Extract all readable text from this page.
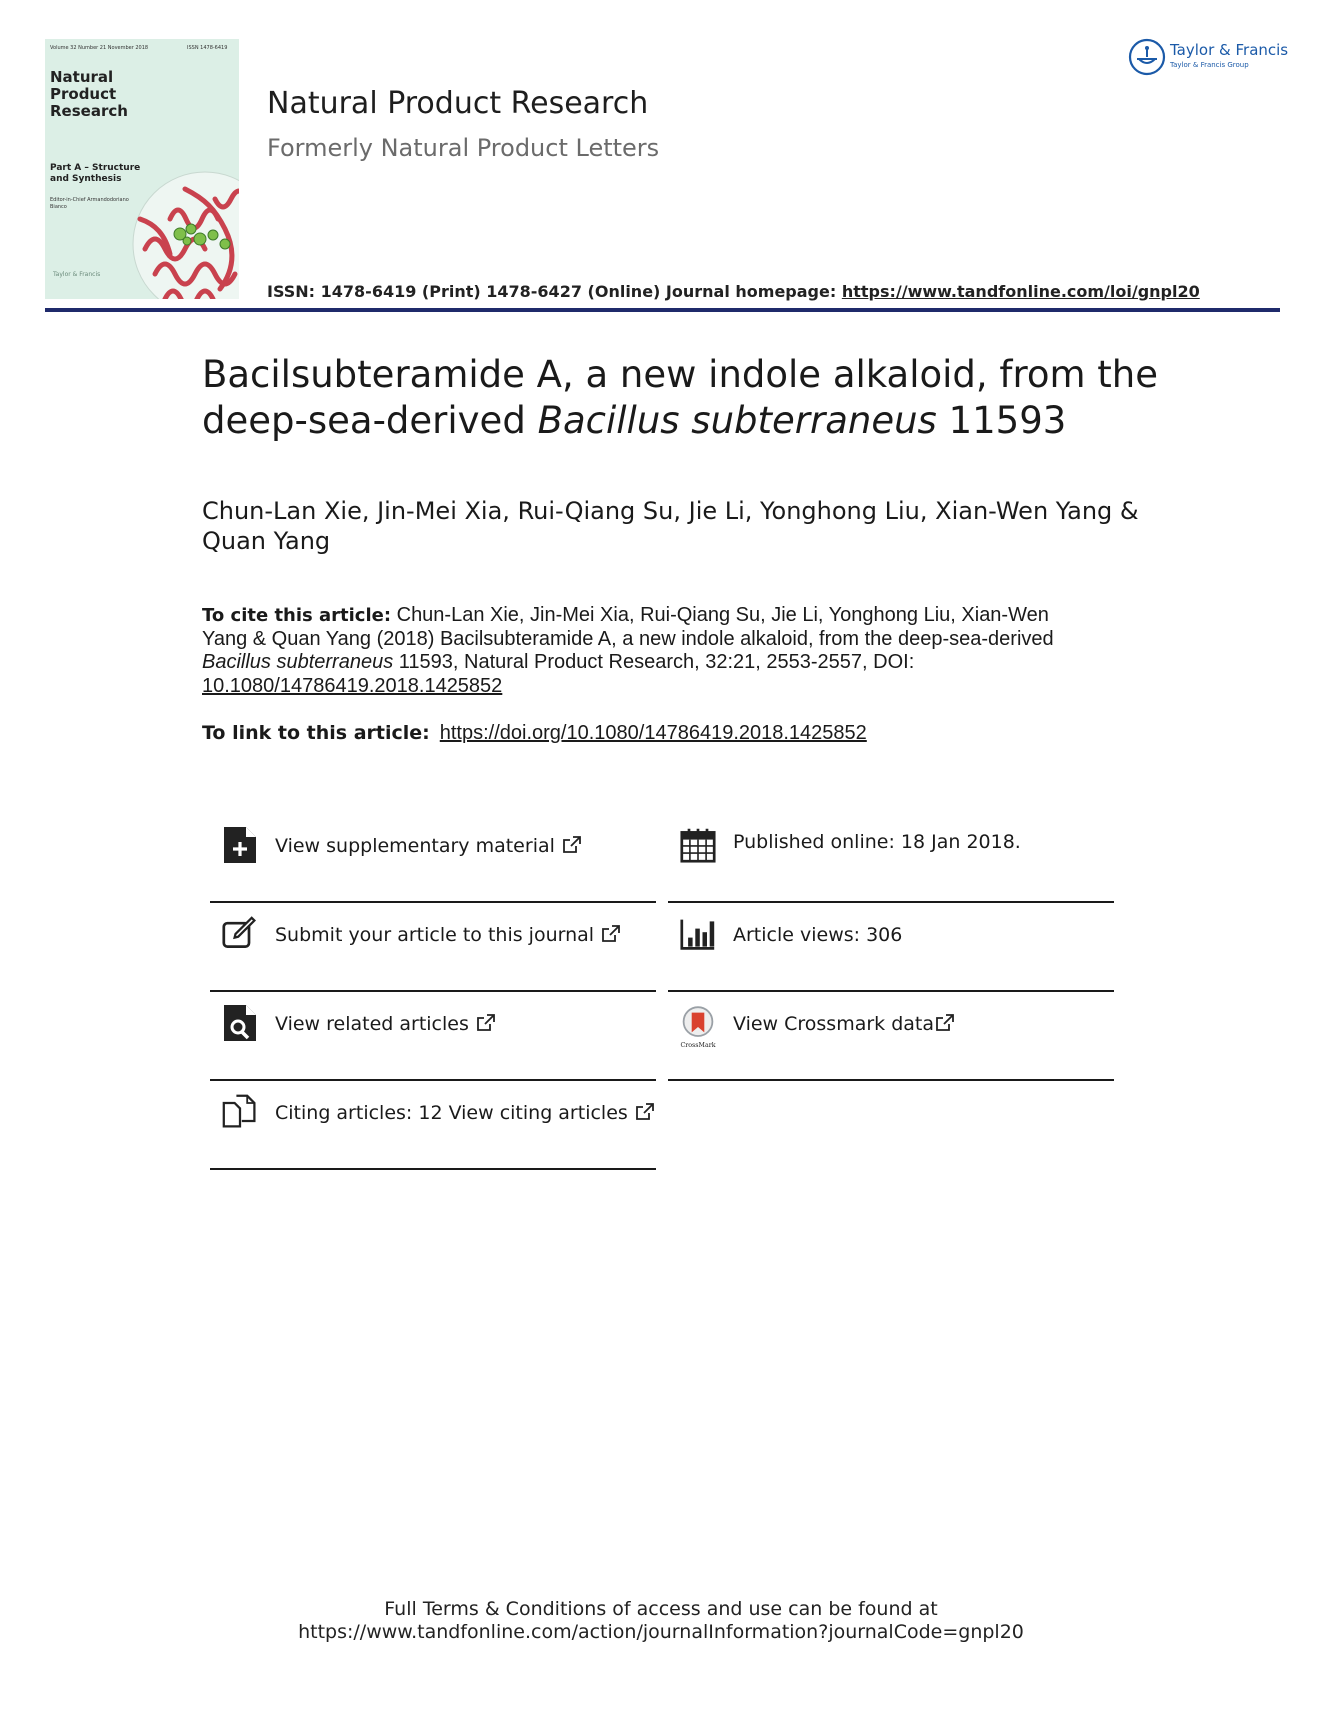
Volume 32 Number 21 November 2018	ISSN 1478-6419
Natural Product Research
Part A – Structure and Synthesis
Editor-in-Chief Armandodoriano Bianco
Taylor & Francis
Natural Product Research
Formerly Natural Product Letters
ISSN: 1478-6419 (Print) 1478-6427 (Online) Journal homepage: https://www.tandfonline.com/loi/gnpl20
Taylor & Francis
Taylor & Francis Group
Bacilsubteramide A, a new indole alkaloid, from the deep-sea-derived Bacillus subterraneus 11593
Chun-Lan Xie, Jin-Mei Xia, Rui-Qiang Su, Jie Li, Yonghong Liu, Xian-Wen Yang & Quan Yang
To cite this article: Chun-Lan Xie, Jin-Mei Xia, Rui-Qiang Su, Jie Li, Yonghong Liu, Xian-Wen Yang & Quan Yang (2018) Bacilsubteramide A, a new indole alkaloid, from the deep-sea-derived Bacillus subterraneus 11593, Natural Product Research, 32:21, 2553-2557, DOI: 10.1080/14786419.2018.1425852
To link to this article: https://doi.org/10.1080/14786419.2018.1425852
View supplementary material
Submit your article to this journal
View related articles
Citing articles: 12 View citing articles
Published online: 18 Jan 2018.
Article views: 306
CrossMark
View Crossmark data
Full Terms & Conditions of access and use can be found at
https://www.tandfonline.com/action/journalInformation?journalCode=gnpl20
